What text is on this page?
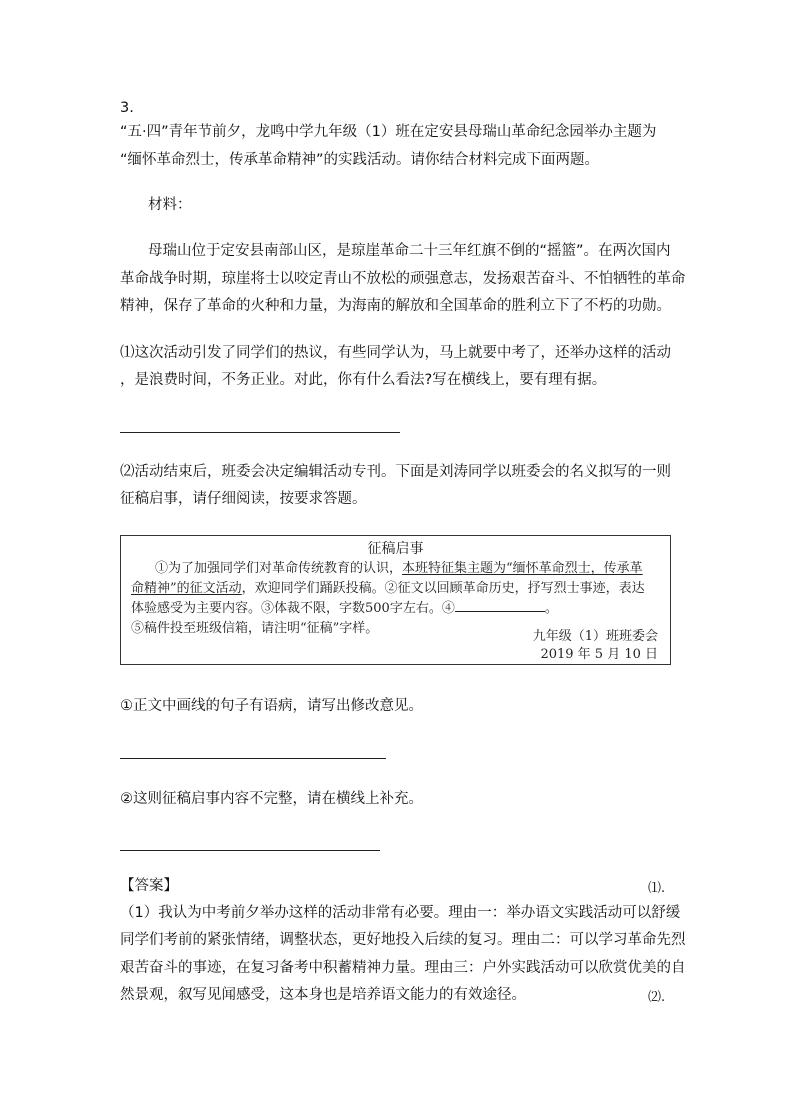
3.
“五·四”青年节前夕，龙鸣中学九年级（1）班在定安县母瑞山革命纪念园举办主题为
“缅怀革命烈士，传承革命精神”的实践活动。请你结合材料完成下面两题。
材料：
母瑞山位于定安县南部山区，是琼崖革命二十三年红旗不倒的“摇篮”。在两次国内
革命战争时期，琼崖将士以咬定青山不放松的顽强意志，发扬艰苦奋斗、不怕牺牲的革命
精神，保存了革命的火种和力量，为海南的解放和全国革命的胜利立下了不朽的功勋。
⑴这次活动引发了同学们的热议，有些同学认为，马上就要中考了，还举办这样的活动
，是浪费时间，不务正业。对此，你有什么看法?写在横线上，要有理有据。
⑵活动结束后，班委会决定编辑活动专刊。下面是刘涛同学以班委会的名义拟写的一则
征稿启事，请仔细阅读，按要求答题。
征稿启事
①为了加强同学们对革命传统教育的认识，本班特征集主题为“缅怀革命烈士，传承革
命精神”的征文活动，欢迎同学们踊跃投稿。②征文以回顾革命历史，抒写烈士事迹，表达
体验感受为主要内容。③体裁不限，字数500字左右。④	。
⑤稿件投至班级信箱，请注明“征稿”字样。
九年级（1）班班委会
2019 年 5 月 10 日
①正文中画线的句子有语病，请写出修改意见。
②这则征稿启事内容不完整，请在横线上补充。
【答案】	⑴.
（1）我认为中考前夕举办这样的活动非常有必要。理由一：举办语文实践活动可以舒缓
同学们考前的紧张情绪，调整状态，更好地投入后续的复习。理由二：可以学习革命先烈
艰苦奋斗的事迹，在复习备考中积蓄精神力量。理由三：户外实践活动可以欣赏优美的自
然景观，叙写见闻感受，这本身也是培养语文能力的有效途径。	⑵.
